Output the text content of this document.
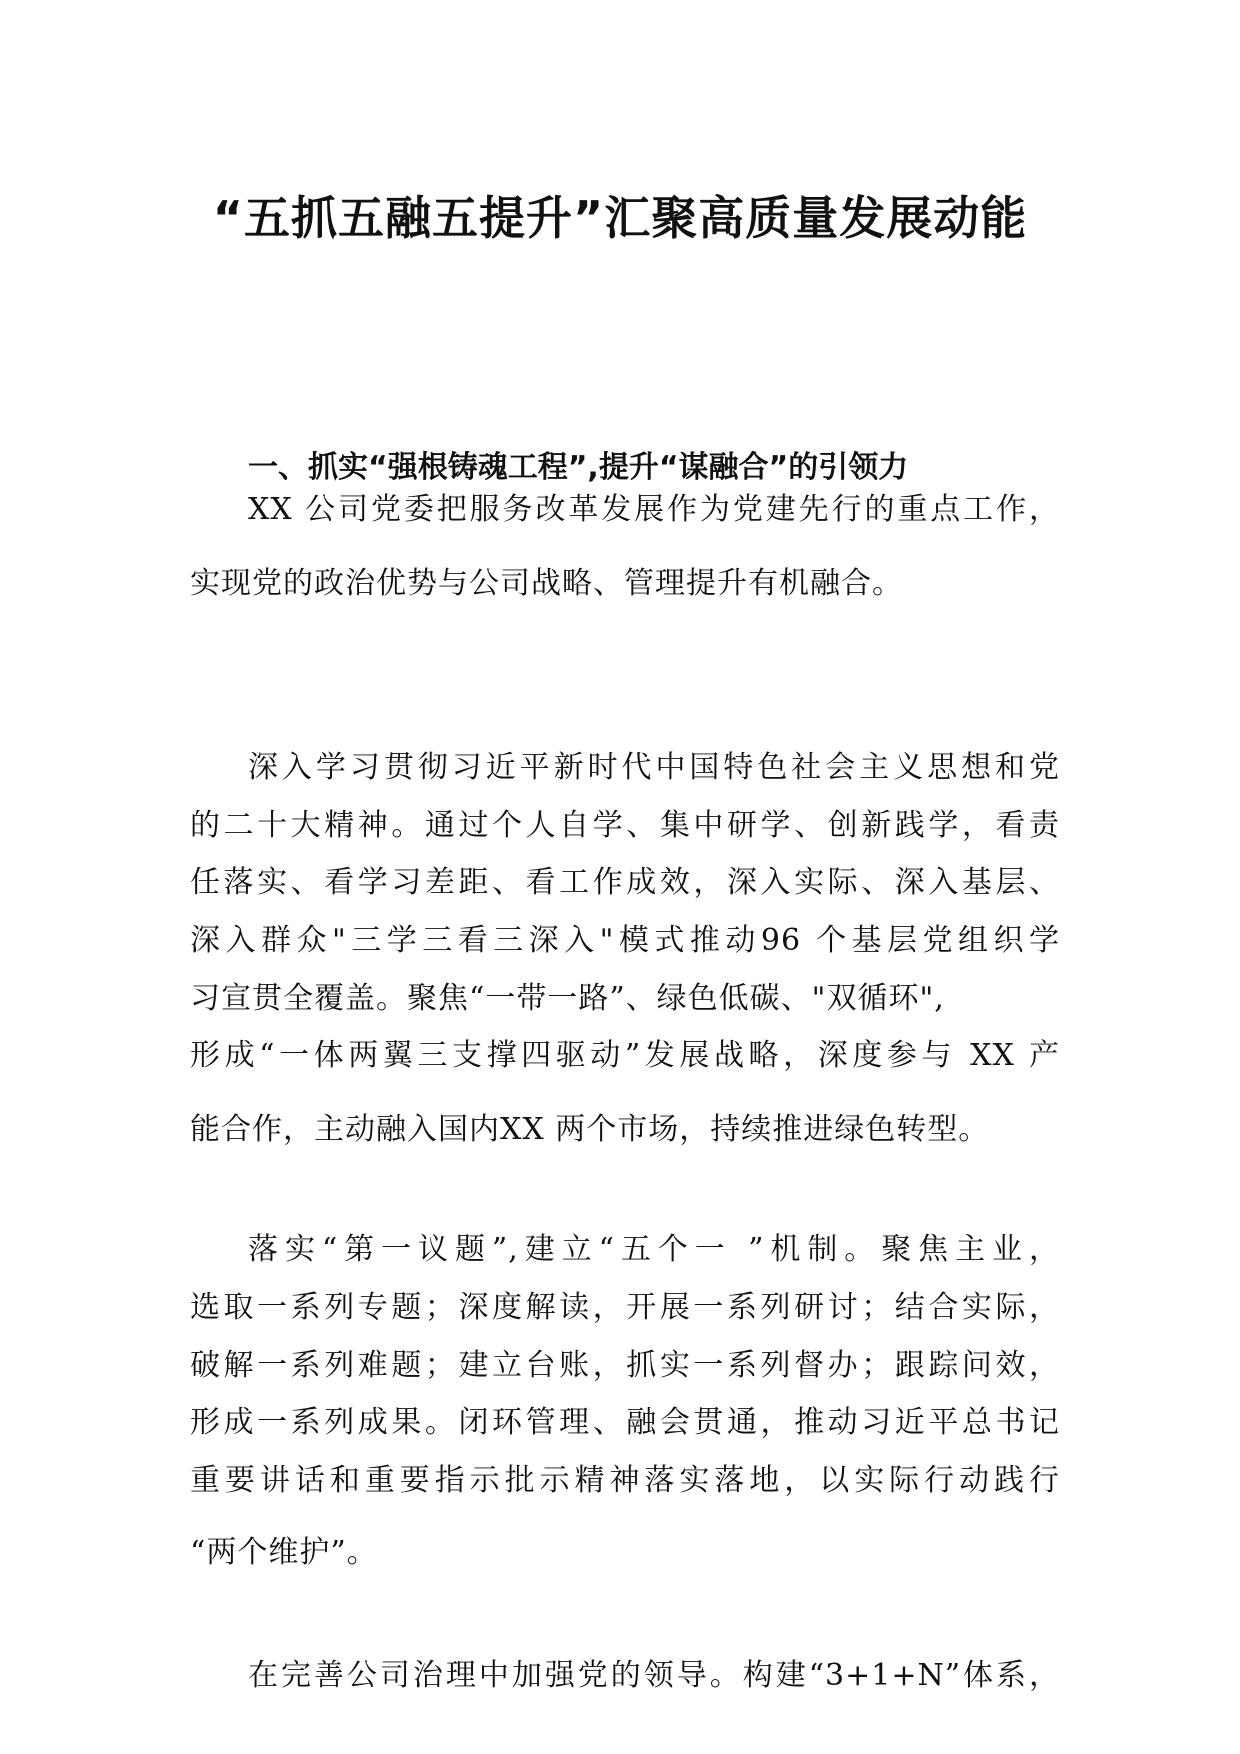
“五抓五融五提升”汇聚高质量发展动能
一、抓实“强根铸魂工程”,提升“谋融合”的引领力

XX 公司党委把服务改革发展作为党建先行的重点工作，

实现党的政治优势与公司战略、管理提升有机融合。

深入学习贯彻习近平新时代中国特色社会主义思想和党

的二十大精神。通过个人自学、集中研学、创新践学，看责

任落实、看学习差距、看工作成效，深入实际、深入基层、

深入群众"三学三看三深入"模式推动96 个基层党组织学

习宣贯全覆盖。聚焦“一带一路”、绿色低碳、"双循环",

形成“一体两翼三支撑四驱动”发展战略，深度参与 XX 产

能合作，主动融入国内XX 两个市场，持续推进绿色转型。

落实“第一议题”,建立“五个一 ”机制。聚焦主业，

选取一系列专题；深度解读，开展一系列研讨；结合实际，

破解一系列难题；建立台账，抓实一系列督办；跟踪问效，

形成一系列成果。闭环管理、融会贯通，推动习近平总书记

重要讲话和重要指示批示精神落实落地，以实际行动践行

“两个维护”。

在完善公司治理中加强党的领导。构建“3+1+N”体系，
